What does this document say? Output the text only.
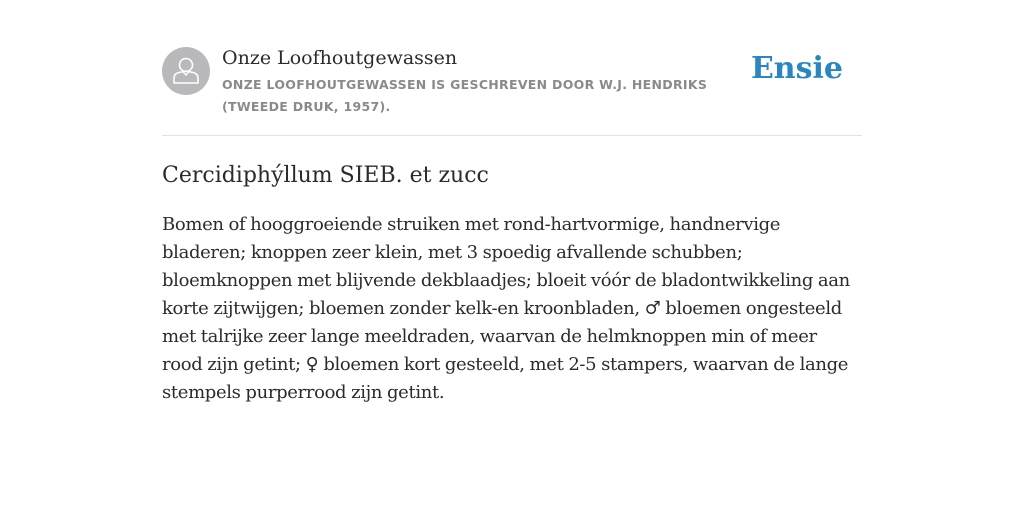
Onze Loofhoutgewassen
ONZE LOOFHOUTGEWASSEN IS GESCHREVEN DOOR W.J. HENDRIKS (TWEEDE DRUK, 1957).
Ensie
Cercidiphýllum SIEB. et zucc
Bomen of hooggroeiende struiken met rond-hartvormige, handnervige bladeren; knoppen zeer klein, met 3 spoedig afvallende schubben; bloemknoppen met blijvende dekblaadjes; bloeit vóór de bladontwikkeling aan korte zijtwijgen; bloemen zonder kelk-en kroonbladen, ♂ bloemen ongesteeld met talrijke zeer lange meeldraden, waarvan de helmknoppen min of meer rood zijn getint; ♀ bloemen kort gesteeld, met 2-5 stampers, waarvan de lange stempels purperrood zijn getint.
